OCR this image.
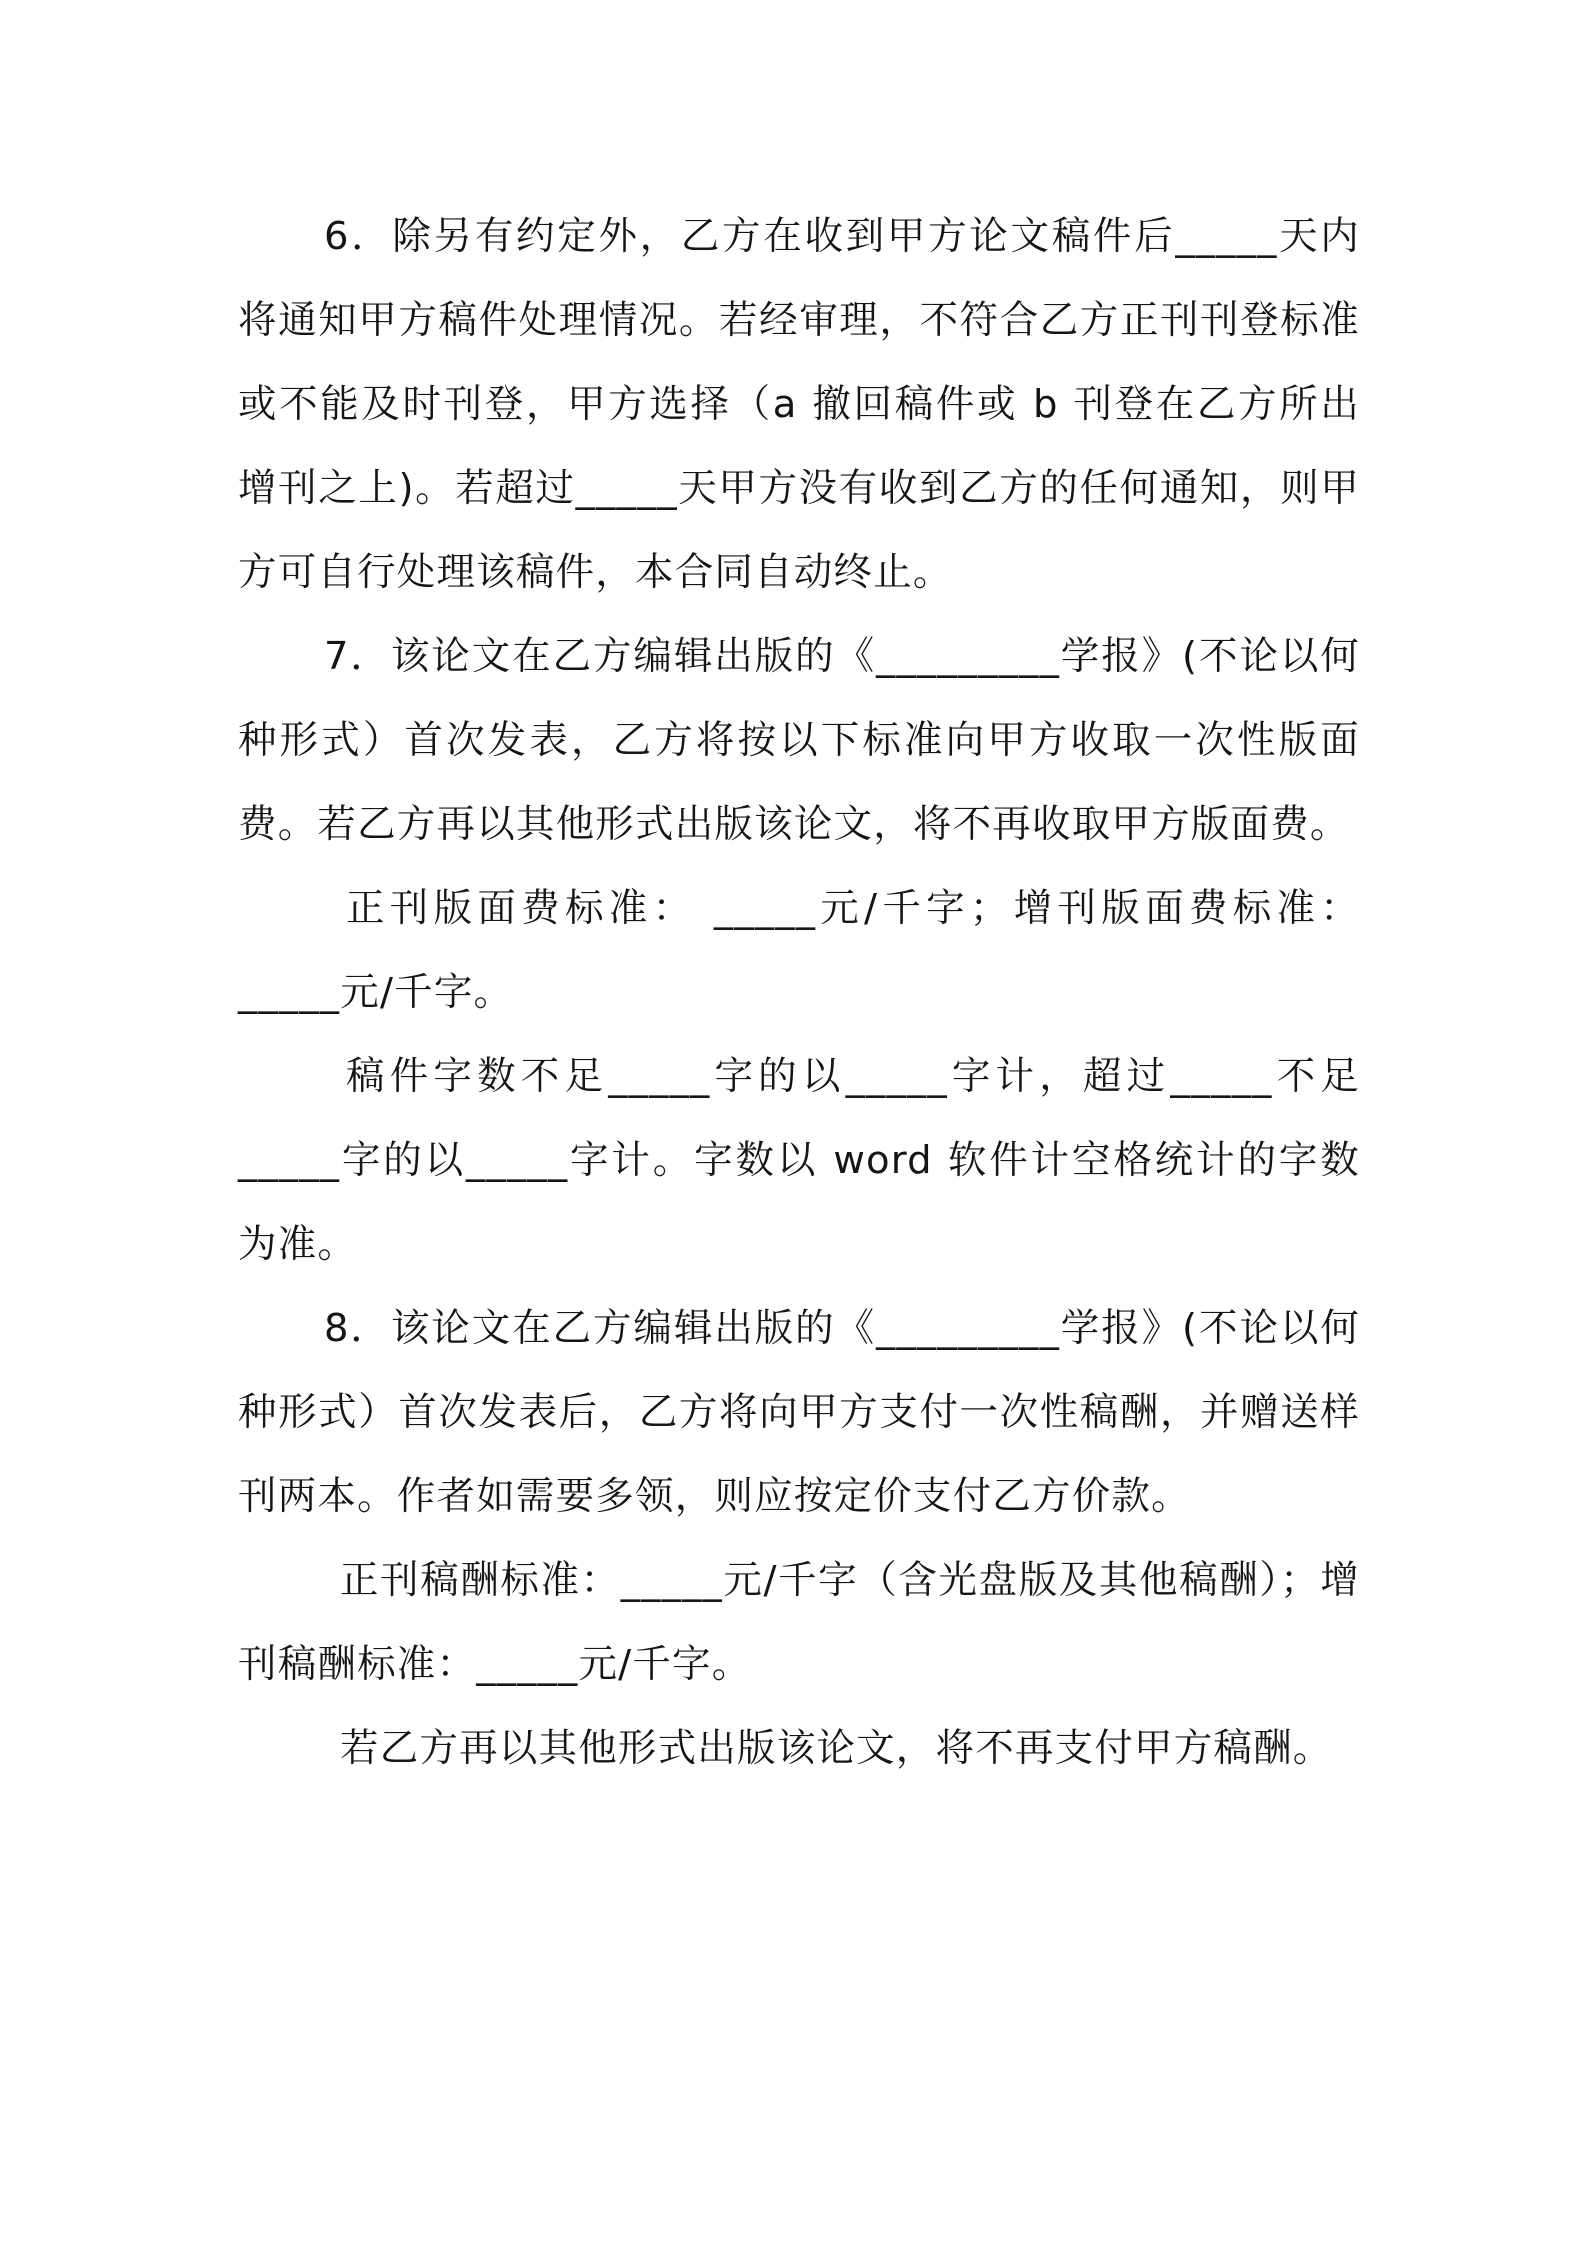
6．除另有约定外，乙方在收到甲方论文稿件后_____天内将通知甲方稿件处理情况。若经审理，不符合乙方正刊刊登标准或不能及时刊登，甲方选择（a 撤回稿件或 b 刊登在乙方所出增刊之上)。若超过_____天甲方没有收到乙方的任何通知，则甲方可自行处理该稿件，本合同自动终止。

7．该论文在乙方编辑出版的《_________学报》(不论以何种形式）首次发表，乙方将按以下标准向甲方收取一次性版面费。若乙方再以其他形式出版该论文，将不再收取甲方版面费。

正刊版面费标准： _____元/千字；增刊版面费标准：_____元/千字。

稿件字数不足_____字的以_____字计，超过_____不足_____字的以_____字计。字数以 word 软件计空格统计的字数为准。

8．该论文在乙方编辑出版的《_________学报》(不论以何种形式）首次发表后，乙方将向甲方支付一次性稿酬，并赠送样刊两本。作者如需要多领，则应按定价支付乙方价款。

正刊稿酬标准：_____元/千字（含光盘版及其他稿酬）；增刊稿酬标准：_____元/千字。

若乙方再以其他形式出版该论文，将不再支付甲方稿酬。
